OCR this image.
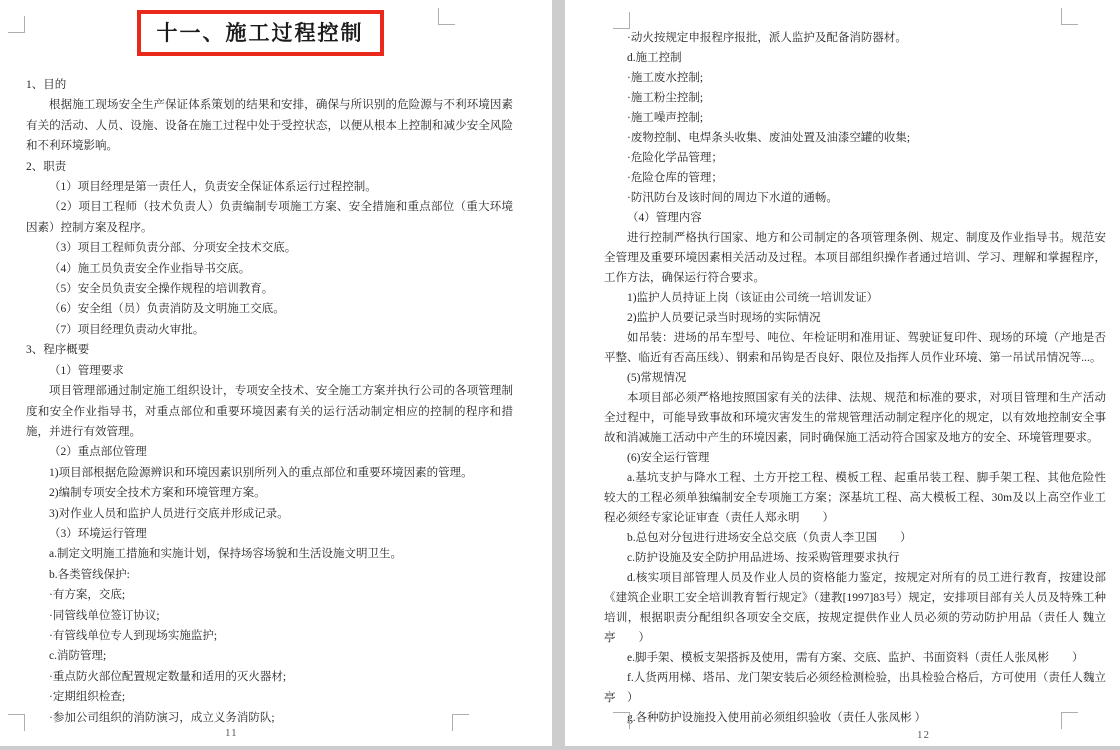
十一、施工过程控制

1、目的

根据施工现场安全生产保证体系策划的结果和安排，确保与所识别的危险源与不利环境因素有关的活动、人员、设施、设备在施工过程中处于受控状态，以便从根本上控制和减少安全风险和不利环境影响。

2、职责

（1）项目经理是第一责任人，负责安全保证体系运行过程控制。

（2）项目工程师（技术负责人）负责编制专项施工方案、安全措施和重点部位（重大环境因素）控制方案及程序。

（3）项目工程师负责分部、分项安全技术交底。

（4）施工员负责安全作业指导书交底。

（5）安全员负责安全操作规程的培训教育。

（6）安全组（员）负责消防及文明施工交底。

（7）项目经理负责动火审批。

3、程序概要

（1）管理要求

项目管理部通过制定施工组织设计，专项安全技术、安全施工方案并执行公司的各项管理制度和安全作业指导书，对重点部位和重要环境因素有关的运行活动制定相应的控制的程序和措施，并进行有效管理。

（2）重点部位管理

1)项目部根据危险源辨识和环境因素识别所列入的重点部位和重要环境因素的管理。

2)编制专项安全技术方案和环境管理方案。

3)对作业人员和监护人员进行交底并形成记录。

（3）环境运行管理

a.制定文明施工措施和实施计划，保持场容场貌和生活设施文明卫生。

b.各类管线保护:

·有方案，交底;

·同管线单位签订协议;

·有管线单位专人到现场实施监护;

c.消防管理;

·重点防火部位配置规定数量和适用的灭火器材;

·定期组织检查;

·参加公司组织的消防演习，成立义务消防队;

11

·动火按规定申报程序报批，派人监护及配备消防器材。

d.施工控制

·施工废水控制;

·施工粉尘控制;

·施工噪声控制;

·废物控制、电焊条头收集、废油处置及油漆空罐的收集;

·危险化学品管理；

·危险仓库的管理；

·防汛防台及该时间的周边下水道的通畅。

（4）管理内容

进行控制严格执行国家、地方和公司制定的各项管理条例、规定、制度及作业指导书。规范安全管理及重要环境因素相关活动及过程。本项目部组织操作者通过培训、学习、理解和掌握程序，工作方法，确保运行符合要求。

1)监护人员持证上岗（该证由公司统一培训发证）

2)监护人员要记录当时现场的实际情况

如吊装：进场的吊车型号、吨位、年检证明和准用证、驾驶证复印件、现场的环境（产地是否平整、临近有否高压线）、钢索和吊钩是否良好、限位及指挥人员作业环境、第一吊试吊情况等...。

(5)常规情况

本项目部必须严格地按照国家有关的法律、法规、规范和标准的要求，对项目管理和生产活动全过程中，可能导致事故和环境灾害发生的常规管理活动制定程序化的规定，以有效地控制安全事故和消减施工活动中产生的环境因素，同时确保施工活动符合国家及地方的安全、环境管理要求。

(6)安全运行管理

a.基坑支护与降水工程、土方开挖工程、模板工程、起重吊装工程、脚手架工程、其他危险性较大的工程必须单独编制安全专项施工方案；深基坑工程、高大模板工程、30m及以上高空作业工程必须经专家论证审查（责任人郑永明　　）

b.总包对分包进行进场安全总交底（负责人李卫国　　）

c.防护设施及安全防护用品进场、按采购管理要求执行

d.核实项目部管理人员及作业人员的资格能力鉴定，按规定对所有的员工进行教育，按建设部《建筑企业职工安全培训教育暂行规定》（建教[1997]83号）规定，安排项目部有关人员及特殊工种培训，根据职责分配组织各项安全交底，按规定提供作业人员必须的劳动防护用品（责任人 魏立亭　　）

e.脚手架、模板支架搭拆及使用，需有方案、交底、监护、书面资料（责任人张凤彬　　）

f.人货两用梯、塔吊、龙门架安装后必须经检测检验，出具检验合格后，方可使用（责任人魏立亭　）

g.各种防护设施投入使用前必须组织验收（责任人张凤彬 ）

12
